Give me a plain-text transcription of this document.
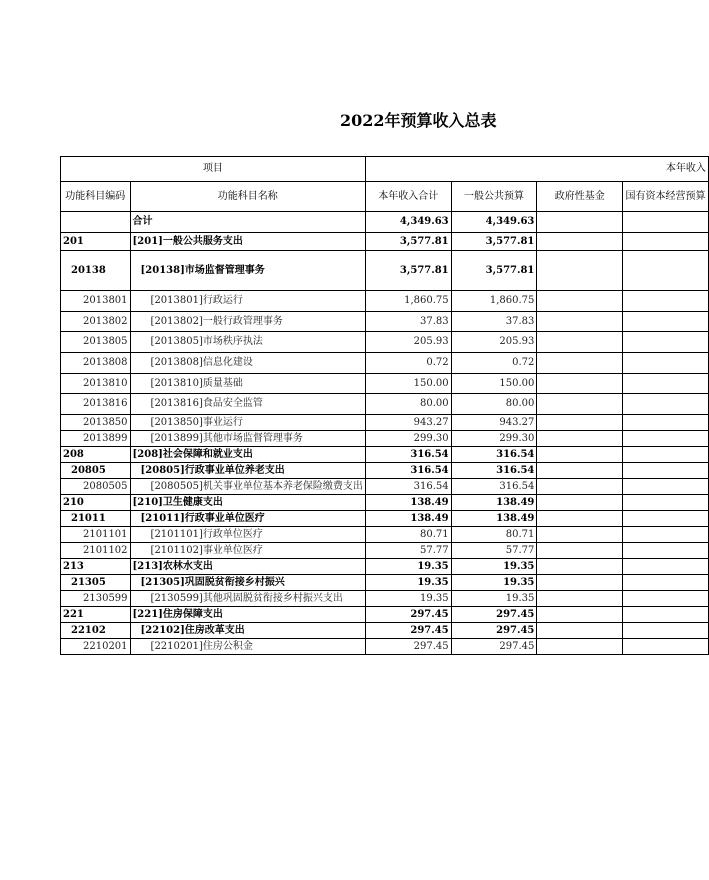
2022年预算收入总表
项目		本年收入			
功能科目编码	功能科目名称	本年收入合计	一般公共预算	政府性基金	国有资本经营预算
	合计	4,349.63	4,349.63		
201	[201]一般公共服务支出	3,577.81	3,577.81		
20138	[20138]市场监督管理事务	3,577.81	3,577.81		
2013801	[2013801]行政运行	1,860.75	1,860.75		
2013802	[2013802]一般行政管理事务	37.83	37.83		
2013805	[2013805]市场秩序执法	205.93	205.93		
2013808	[2013808]信息化建设	0.72	0.72		
2013810	[2013810]质量基础	150.00	150.00		
2013816	[2013816]食品安全监管	80.00	80.00		
2013850	[2013850]事业运行	943.27	943.27		
2013899	[2013899]其他市场监督管理事务	299.30	299.30		
208	[208]社会保障和就业支出	316.54	316.54		
20805	[20805]行政事业单位养老支出	316.54	316.54		
2080505	[2080505]机关事业单位基本养老保险缴费支出	316.54	316.54		
210	[210]卫生健康支出	138.49	138.49		
21011	[21011]行政事业单位医疗	138.49	138.49		
2101101	[2101101]行政单位医疗	80.71	80.71		
2101102	[2101102]事业单位医疗	57.77	57.77		
213	[213]农林水支出	19.35	19.35		
21305	[21305]巩固脱贫衔接乡村振兴	19.35	19.35		
2130599	[2130599]其他巩固脱贫衔接乡村振兴支出	19.35	19.35		
221	[221]住房保障支出	297.45	297.45		
22102	[22102]住房改革支出	297.45	297.45		
2210201	[2210201]住房公积金	297.45	297.45		
